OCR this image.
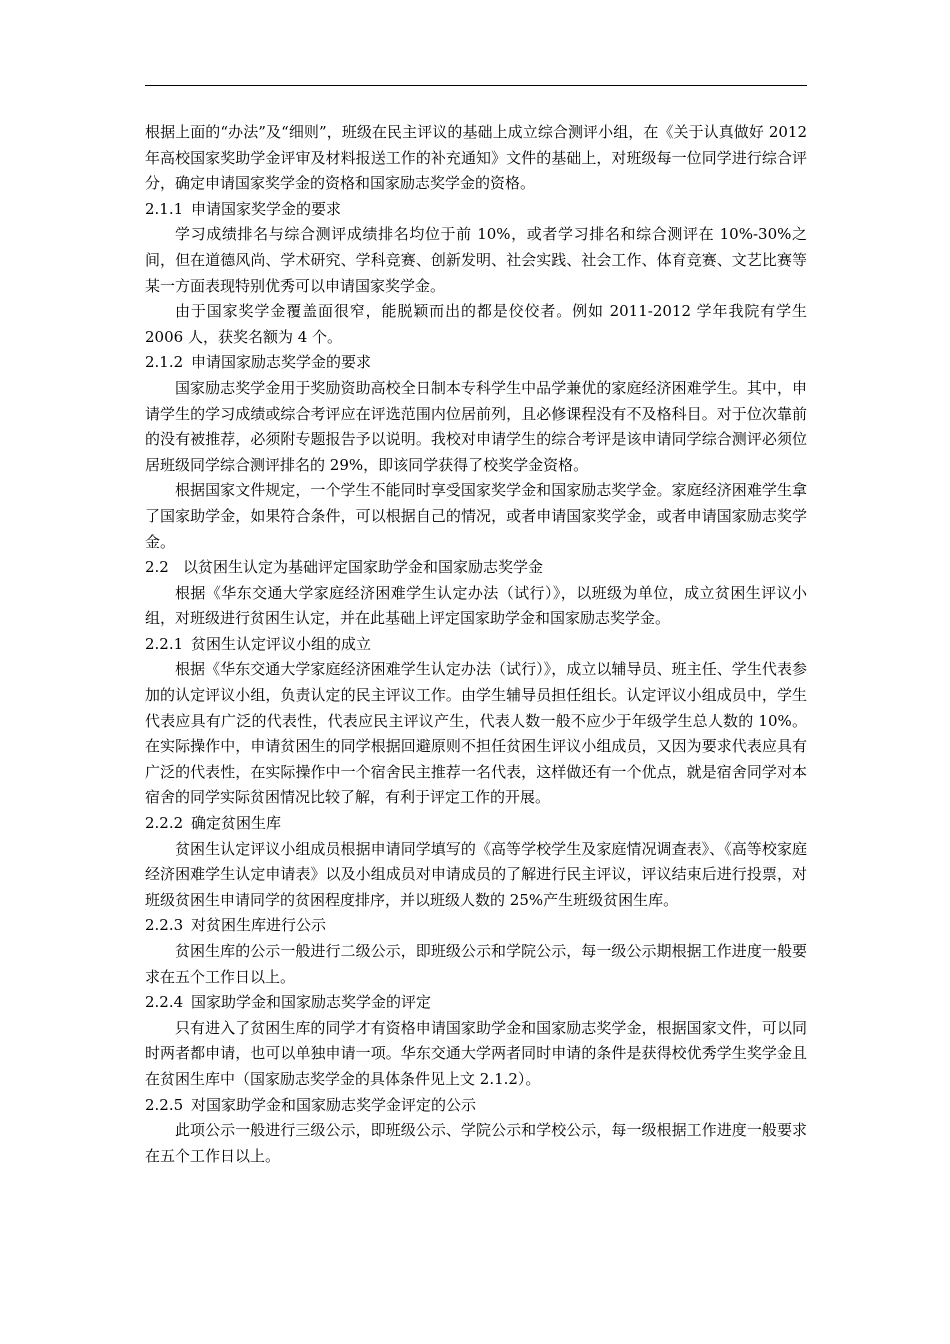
根据上面的“办法”及“细则”，班级在民主评议的基础上成立综合测评小组，在《关于认真做好 2012 年高校国家奖助学金评审及材料报送工作的补充通知》文件的基础上，对班级每一位同学进行综合评分，确定申请国家奖学金的资格和国家励志奖学金的资格。
2.1.1 申请国家奖学金的要求
学习成绩排名与综合测评成绩排名均位于前 10%，或者学习排名和综合测评在 10%-30%之间，但在道德风尚、学术研究、学科竞赛、创新发明、社会实践、社会工作、体育竞赛、文艺比赛等某一方面表现特别优秀可以申请国家奖学金。
由于国家奖学金覆盖面很窄，能脱颖而出的都是佼佼者。例如 2011-2012 学年我院有学生 2006 人，获奖名额为 4 个。
2.1.2 申请国家励志奖学金的要求
国家励志奖学金用于奖励资助高校全日制本专科学生中品学兼优的家庭经济困难学生。其中，申请学生的学习成绩或综合考评应在评选范围内位居前列，且必修课程没有不及格科目。对于位次靠前的没有被推荐，必须附专题报告予以说明。我校对申请学生的综合考评是该申请同学综合测评必须位居班级同学综合测评排名的 29%，即该同学获得了校奖学金资格。
根据国家文件规定，一个学生不能同时享受国家奖学金和国家励志奖学金。家庭经济困难学生拿了国家助学金，如果符合条件，可以根据自己的情况，或者申请国家奖学金，或者申请国家励志奖学金。
2.2 以贫困生认定为基础评定国家助学金和国家励志奖学金
根据《华东交通大学家庭经济困难学生认定办法（试行）》，以班级为单位，成立贫困生评议小组，对班级进行贫困生认定，并在此基础上评定国家助学金和国家励志奖学金。
2.2.1 贫困生认定评议小组的成立
根据《华东交通大学家庭经济困难学生认定办法（试行）》，成立以辅导员、班主任、学生代表参加的认定评议小组，负责认定的民主评议工作。由学生辅导员担任组长。认定评议小组成员中，学生代表应具有广泛的代表性，代表应民主评议产生，代表人数一般不应少于年级学生总人数的 10%。在实际操作中，申请贫困生的同学根据回避原则不担任贫困生评议小组成员，又因为要求代表应具有广泛的代表性，在实际操作中一个宿舍民主推荐一名代表，这样做还有一个优点，就是宿舍同学对本宿舍的同学实际贫困情况比较了解，有利于评定工作的开展。
2.2.2 确定贫困生库
贫困生认定评议小组成员根据申请同学填写的《高等学校学生及家庭情况调查表》、《高等校家庭经济困难学生认定申请表》以及小组成员对申请成员的了解进行民主评议，评议结束后进行投票，对班级贫困生申请同学的贫困程度排序，并以班级人数的 25%产生班级贫困生库。
2.2.3 对贫困生库进行公示
贫困生库的公示一般进行二级公示，即班级公示和学院公示，每一级公示期根据工作进度一般要求在五个工作日以上。
2.2.4 国家助学金和国家励志奖学金的评定
只有进入了贫困生库的同学才有资格申请国家助学金和国家励志奖学金，根据国家文件，可以同时两者都申请，也可以单独申请一项。华东交通大学两者同时申请的条件是获得校优秀学生奖学金且在贫困生库中（国家励志奖学金的具体条件见上文 2.1.2）。
2.2.5 对国家助学金和国家励志奖学金评定的公示
此项公示一般进行三级公示，即班级公示、学院公示和学校公示，每一级根据工作进度一般要求在五个工作日以上。
